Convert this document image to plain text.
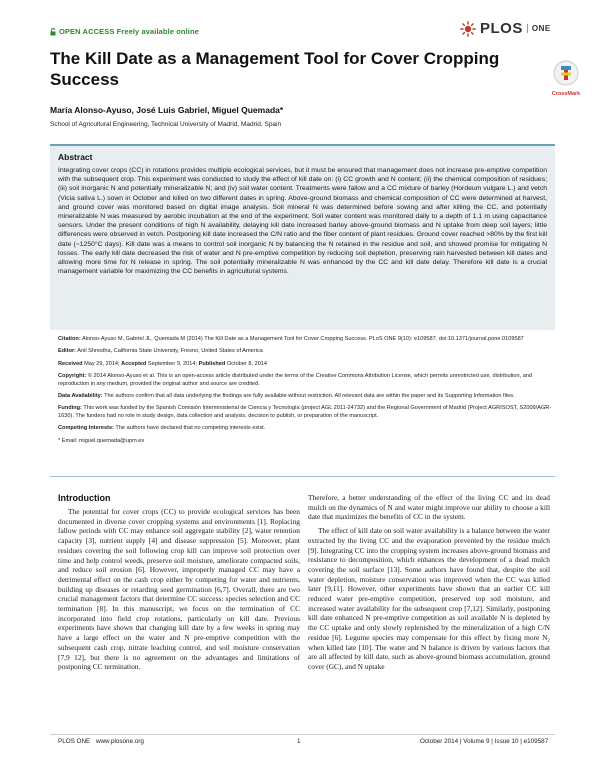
OPEN ACCESS Freely available online	PLOS	ONE
The Kill Date as a Management Tool for Cover Cropping Success
CrossMark
María Alonso-Ayuso, José Luis Gabriel, Miguel Quemada*
School of Agricultural Engineering, Technical University of Madrid, Madrid, Spain
Abstract

Integrating cover crops (CC) in rotations provides multiple ecological services, but it must be ensured that management does not increase pre-emptive competition with the subsequent crop. This experiment was conducted to study the effect of kill date on: (i) CC growth and N content; (ii) the chemical composition of residues; (iii) soil inorganic N and potentially mineralizable N; and (iv) soil water content. Treatments were fallow and a CC mixture of barley (Hordeum vulgare L.) and vetch (Vicia sativa L.) sown in October and killed on two different dates in spring. Above-ground biomass and chemical composition of CC were determined at harvest, and ground cover was monitored based on digital image analysis. Soil mineral N was determined before sowing and after killing the CC, and potentially mineralizable N was measured by aerobic incubation at the end of the experiment. Soil water content was monitored daily to a depth of 1.1 m using capacitance sensors. Under the present conditions of high N availability, delaying kill date increased barley above-ground biomass and N uptake from deep soil layers; little differences were observed in vetch. Postponing kill date increased the C/N ratio and the fiber content of plant residues. Ground cover reached >80% by the first kill date (~1250°C days). Kill date was a means to control soil inorganic N by balancing the N retained in the residue and soil, and showed promise for mitigating N losses. The early kill date decreased the risk of water and N pre-emptive competition by reducing soil depletion, preserving rain harvested between kill dates and allowing more time for N release in spring. The soil potentially mineralizable N was enhanced by the CC and kill date delay. Therefore kill date is a crucial management variable for maximizing the CC benefits in agricultural systems.

Citation: Alonso-Ayuso M, Gabriel JL, Quemada M (2014) The Kill Date as a Management Tool for Cover Cropping Success. PLoS ONE 9(10): e109587. doi:10.1371/journal.pone.0109587

Editor: Anil Shrestha, California State University, Fresno, United States of America

Received May 29, 2014; Accepted September 9, 2014; Published October 8, 2014

Copyright: © 2014 Alonso-Ayuso et al. This is an open-access article distributed under the terms of the Creative Commons Attribution License, which permits unrestricted use, distribution, and reproduction in any medium, provided the original author and source are credited.

Data Availability: The authors confirm that all data underlying the findings are fully available without restriction. All relevant data are within the paper and its Supporting Information files.

Funding: This work was funded by the Spanish Comisión Interministerial de Ciencia y Tecnología (project AGL 2011-24732) and the Regional Government of Madrid (Project AGRISOST, S2009/AGR-1630). The funders had no role in study design, data collection and analysis, decision to publish, or preparation of the manuscript.

Competing Interests: The authors have declared that no competing interests exist.

* Email: miguel.quemada@upm.es

Introduction

The potential for cover crops (CC) to provide ecological services has been documented in diverse cover cropping systems and environments [1]. Replacing fallow periods with CC may enhance soil aggregate stability [2], water retention capacity [3], nutrient supply [4] and disease suppression [5]. Moreover, plant residues covering the soil following crop kill can improve soil protection over time and help control weeds, preserve soil moisture, ameliorate compacted soils, and reduce soil erosion [6]. However, improperly managed CC may have a detrimental effect on the cash crop either by competing for water and nutrients, building up diseases or retarding seed germination [6,7]. Overall, there are two crucial management factors that determine CC success: species selection and CC termination [8]. In this manuscript, we focus on the termination of CC incorporated into field crop rotations, particularly on kill date. Previous experiments have shown that changing kill date by a few weeks in spring may have a large effect on the water and N pre-emptive competition with the subsequent cash crop, nitrate leaching control, and soil moisture conservation [7,9 12], but there is no agreement on the advantages and limitations of postponing CC termination.

Therefore, a better understanding of the effect of the living CC and its dead mulch on the dynamics of N and water might improve our ability to choose a kill date that maximizes the benefits of CC in the system.

The effect of kill date on soil water availability is a balance between the water extracted by the living CC and the evaporation prevented by the residue mulch [9]. Integrating CC into the cropping system increases above-ground biomass and resistance to decomposition, which enhances the development of a dead mulch covering the soil surface [13]. Some authors have found that, despite the soil water depletion, moisture conservation was improved when the CC was killed later [9,11]. However, other experiments have shown that an earlier CC kill reduced water pre-emptive competition, preserved top soil moisture, and increased water availability for the subsequent crop [7,12]. Similarly, postponing kill date enhanced N pre-emptive competition as soil available N is depleted by the CC uptake and only slowly replenished by the mineralization of a high C/N residue [6]. Legume species may compensate for this effect by fixing more N₂ when killed late [10]. The water and N balance is driven by various factors that are all affected by kill date, such as above-ground biomass accumulation, ground cover (GC), and N uptake

PLOS ONE www.plosone.org	1	October 2014 | Volume 9 | Issue 10 | e109587
